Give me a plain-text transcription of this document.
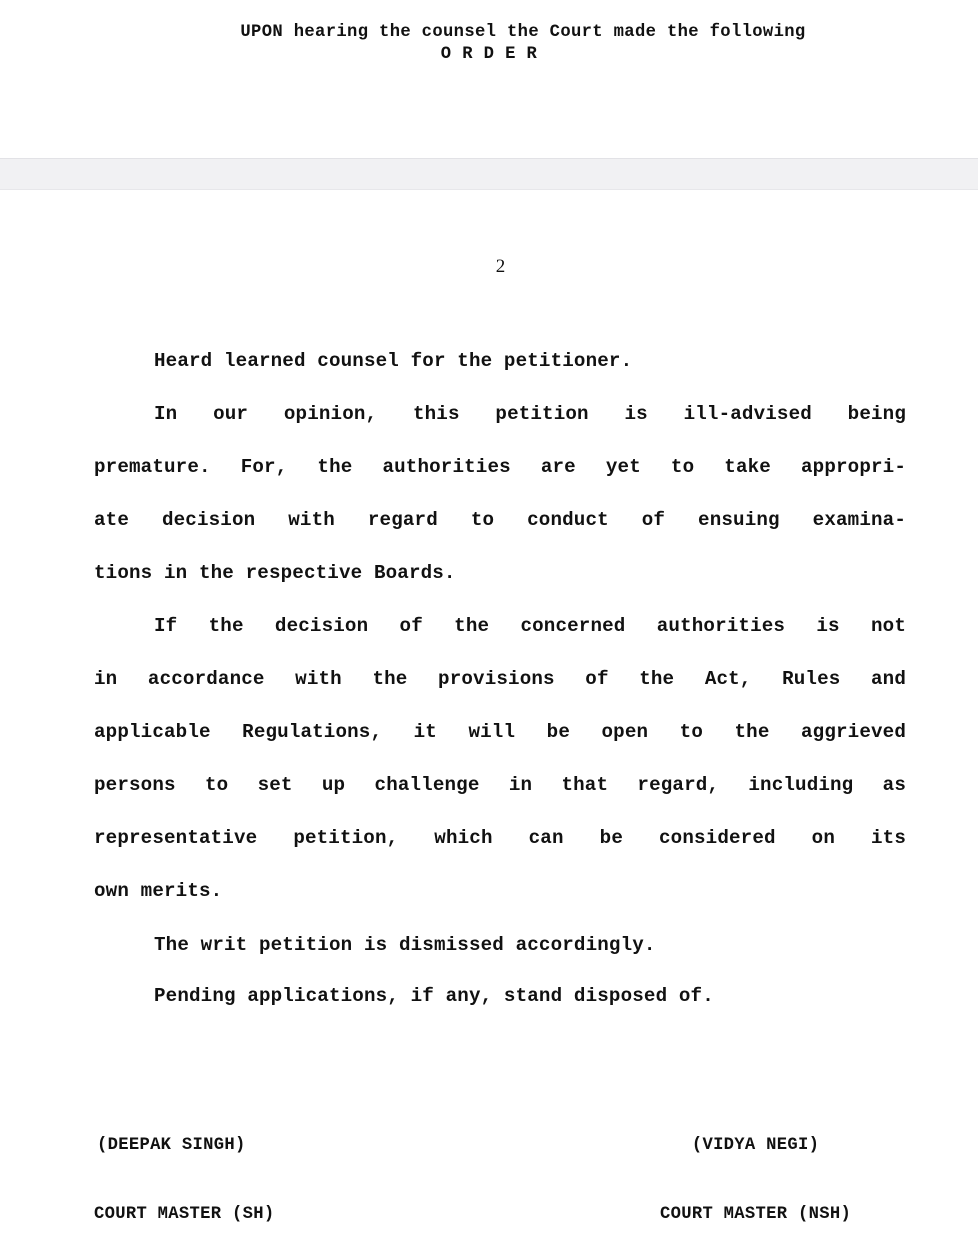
UPON hearing the counsel the Court made the following
O R D E R
2
Heard learned counsel for the petitioner.
In our opinion, this petition is ill-advised being
premature. For, the authorities are yet to take appropri-
ate decision with regard to conduct of ensuing examina-
tions in the respective Boards.
If the decision of the concerned authorities is not
in accordance with the provisions of the Act, Rules and
applicable Regulations, it will be open to the aggrieved
persons to set up challenge in that regard, including as
representative petition, which can be considered on its
own merits.
The writ petition is dismissed accordingly.
Pending applications, if any, stand disposed of.

(DEEPAK SINGH)

COURT MASTER (SH)

(VIDYA NEGI)

COURT MASTER (NSH)
